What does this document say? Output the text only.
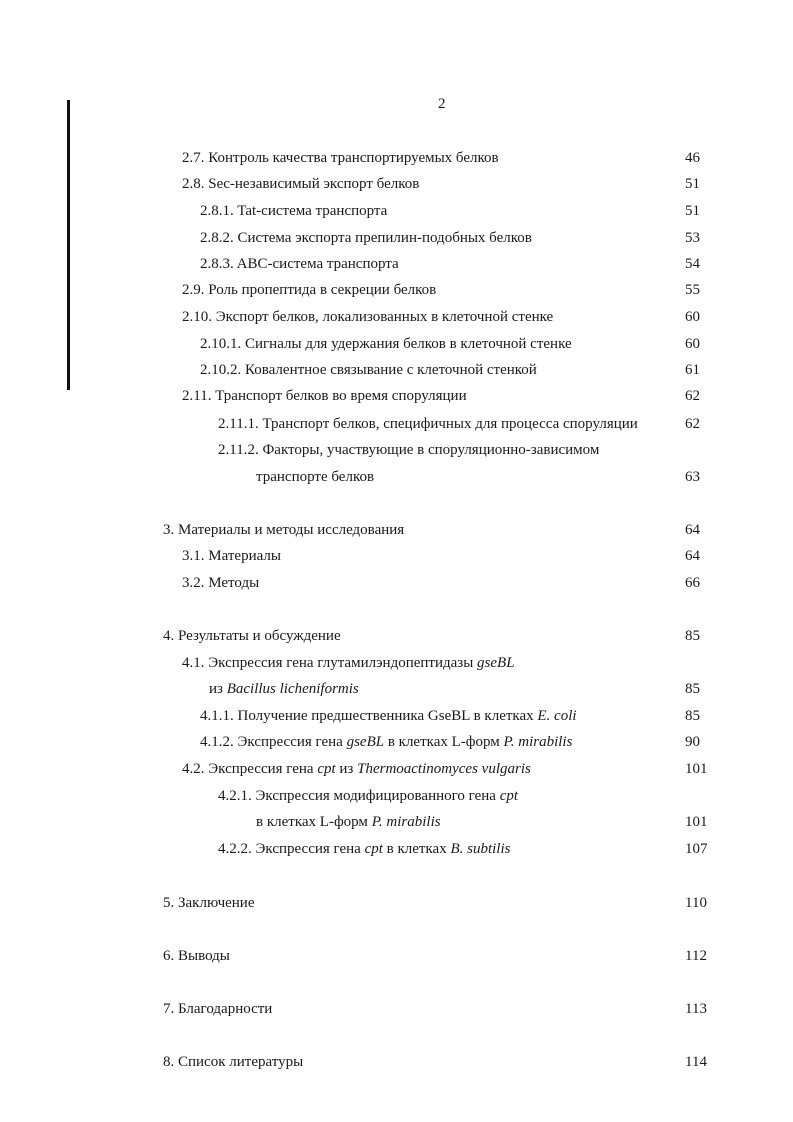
2
2.7. Контроль качества транспортируемых белков	46
2.8. Sec-независимый экспорт белков	51
2.8.1. Tat-система транспорта	51
2.8.2. Система экспорта препилин-подобных белков	53
2.8.3. ABC-система транспорта	54
2.9. Роль пропептида в секреции белков	55
2.10. Экспорт белков, локализованных в клеточной стенке	60
2.10.1. Сигналы для удержания белков в клеточной стенке	60
2.10.2. Ковалентное связывание с клеточной стенкой	61
2.11. Транспорт белков во время споруляции	62
2.11.1. Транспорт белков, специфичных для процесса споруляции	62
2.11.2. Факторы, участвующие в споруляционно-зависимом
транспорте белков	63
3. Материалы и методы исследования	64
3.1. Материалы	64
3.2. Методы	66
4. Результаты и обсуждение	85
4.1. Экспрессия гена глутамилэндопептидазы gseBL
из Bacillus licheniformis	85
4.1.1. Получение предшественника GseBL в клетках E. coli	85
4.1.2. Экспрессия гена gseBL в клетках L-форм P. mirabilis	90
4.2. Экспрессия гена cpt из Thermoactinomyces vulgaris	101
4.2.1. Экспрессия модифицированного гена cpt
в клетках L-форм P. mirabilis	101
4.2.2. Экспрессия гена cpt в клетках B. subtilis	107
5. Заключение	110
6. Выводы	112
7. Благодарности	113
8. Список литературы	114
